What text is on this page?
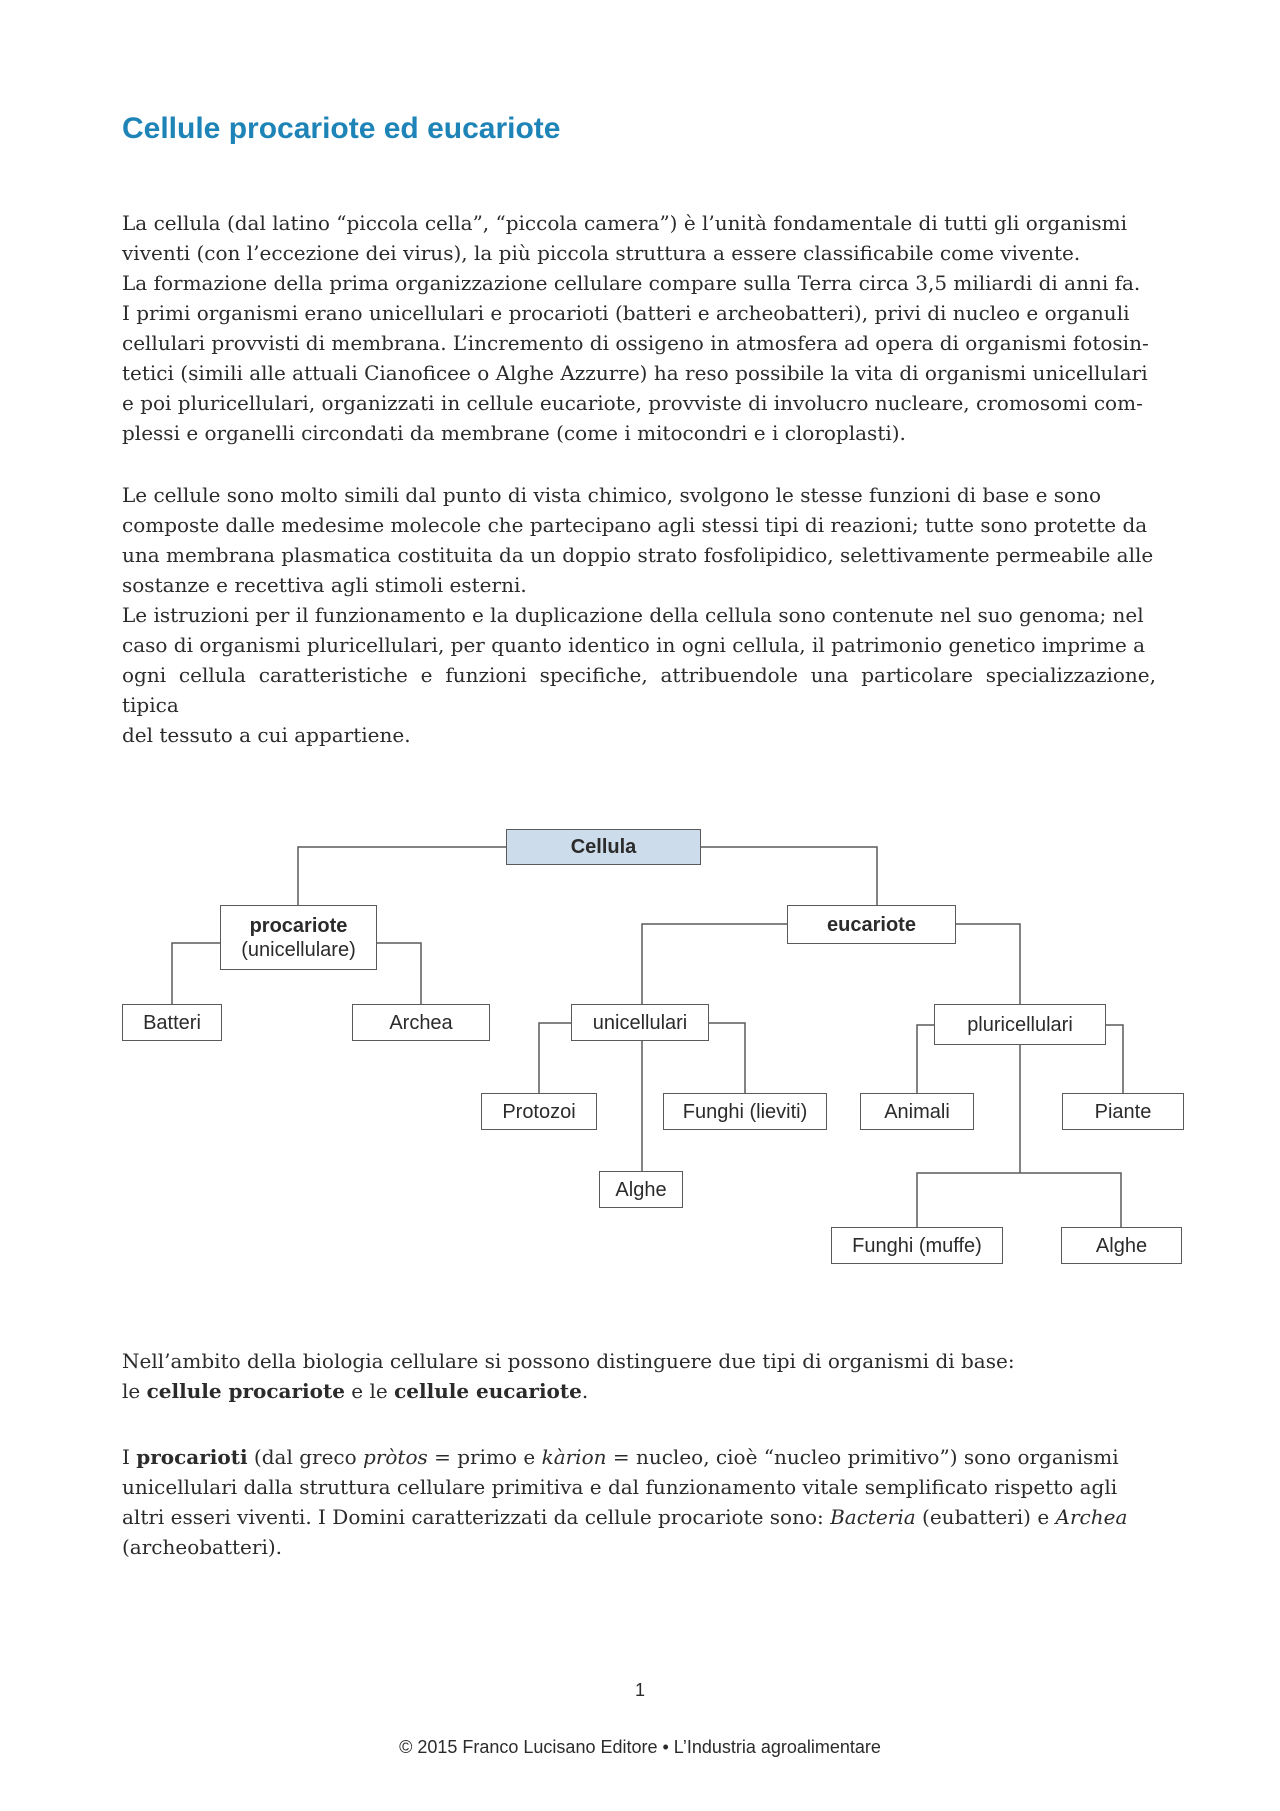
Cellule procariote ed eucariote

La cellula (dal latino “piccola cella”, “piccola camera”) è l’unità fondamentale di tutti gli organismi
viventi (con l’eccezione dei virus), la più piccola struttura a essere classificabile come vivente.
La formazione della prima organizzazione cellulare compare sulla Terra circa 3,5 miliardi di anni fa.
I primi organismi erano unicellulari e procarioti (batteri e archeobatteri), privi di nucleo e organuli
cellulari provvisti di membrana. L’incremento di ossigeno in atmosfera ad opera di organismi fotosin-
tetici (simili alle attuali Cianoficee o Alghe Azzurre) ha reso possibile la vita di organismi unicellulari
e poi pluricellulari, organizzati in cellule eucariote, provviste di involucro nucleare, cromosomi com-
plessi e organelli circondati da membrane (come i mitocondri e i cloroplasti).

Le cellule sono molto simili dal punto di vista chimico, svolgono le stesse funzioni di base e sono
composte dalle medesime molecole che partecipano agli stessi tipi di reazioni; tutte sono protette da
una membrana plasmatica costituita da un doppio strato fosfolipidico, selettivamente permeabile alle
sostanze e recettiva agli stimoli esterni.
Le istruzioni per il funzionamento e la duplicazione della cellula sono contenute nel suo genoma; nel
caso di organismi pluricellulari, per quanto identico in ogni cellula, il patrimonio genetico imprime a
ogni cellula caratteristiche e funzioni specifiche, attribuendole una particolare specializzazione, tipica
del tessuto a cui appartiene.

Cellula
procariote
(unicellulare)
eucariote
Batteri	Archea	unicellulari	pluricellulari
Protozoi	Funghi (lieviti)	Animali	Piante
Alghe
Funghi (muffe)	Alghe

Nell’ambito della biologia cellulare si possono distinguere due tipi di organismi di base:
le cellule procariote e le cellule eucariote.

I procarioti (dal greco pròtos = primo e kàrion = nucleo, cioè “nucleo primitivo”) sono organismi
unicellulari dalla struttura cellulare primitiva e dal funzionamento vitale semplificato rispetto agli
altri esseri viventi. I Domini caratterizzati da cellule procariote sono: Bacteria (eubatteri) e Archea
(archeobatteri).

1
© 2015 Franco Lucisano Editore • L’Industria agroalimentare
